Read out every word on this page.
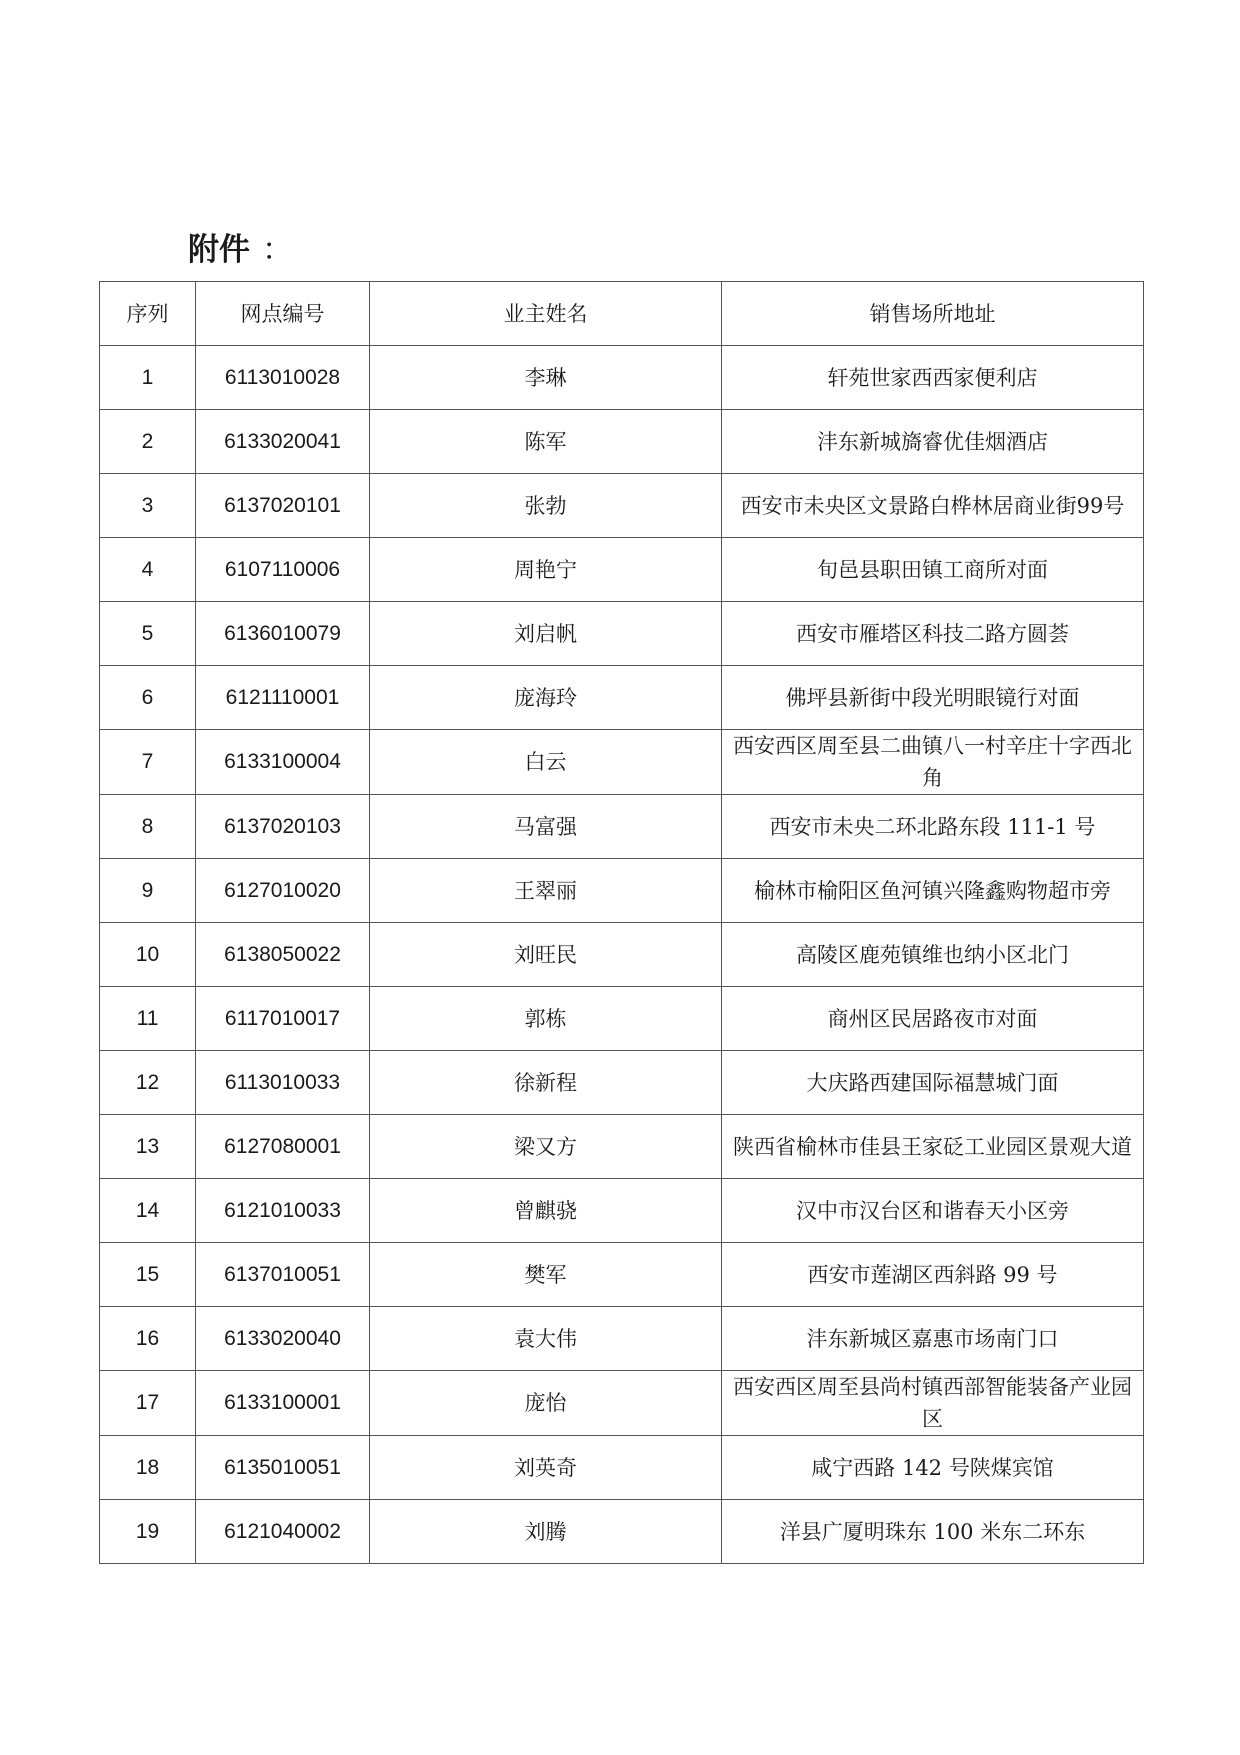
附件 ：
序列	网点编号	业主姓名	销售场所地址
1	6113010028	李琳	轩苑世家西西家便利店
2	6133020041	陈军	沣东新城旖睿优佳烟酒店
3	6137020101	张勃	西安市未央区文景路白桦林居商业街99号
4	6107110006	周艳宁	旬邑县职田镇工商所对面
5	6136010079	刘启帆	西安市雁塔区科技二路方圆荟
6	6121110001	庞海玲	佛坪县新街中段光明眼镜行对面
7	6133100004	白云	西安西区周至县二曲镇八一村辛庄十字西北角
8	6137020103	马富强	西安市未央二环北路东段 111-1 号
9	6127010020	王翠丽	榆林市榆阳区鱼河镇兴隆鑫购物超市旁
10	6138050022	刘旺民	高陵区鹿苑镇维也纳小区北门
11	6117010017	郭栋	商州区民居路夜市对面
12	6113010033	徐新程	大庆路西建国际福慧城门面
13	6127080001	梁又方	陕西省榆林市佳县王家砭工业园区景观大道
14	6121010033	曾麒骁	汉中市汉台区和谐春天小区旁
15	6137010051	樊军	西安市莲湖区西斜路 99 号
16	6133020040	袁大伟	沣东新城区嘉惠市场南门口
17	6133100001	庞怡	西安西区周至县尚村镇西部智能装备产业园区
18	6135010051	刘英奇	咸宁西路 142 号陕煤宾馆
19	6121040002	刘腾	洋县广厦明珠东 100 米东二环东
